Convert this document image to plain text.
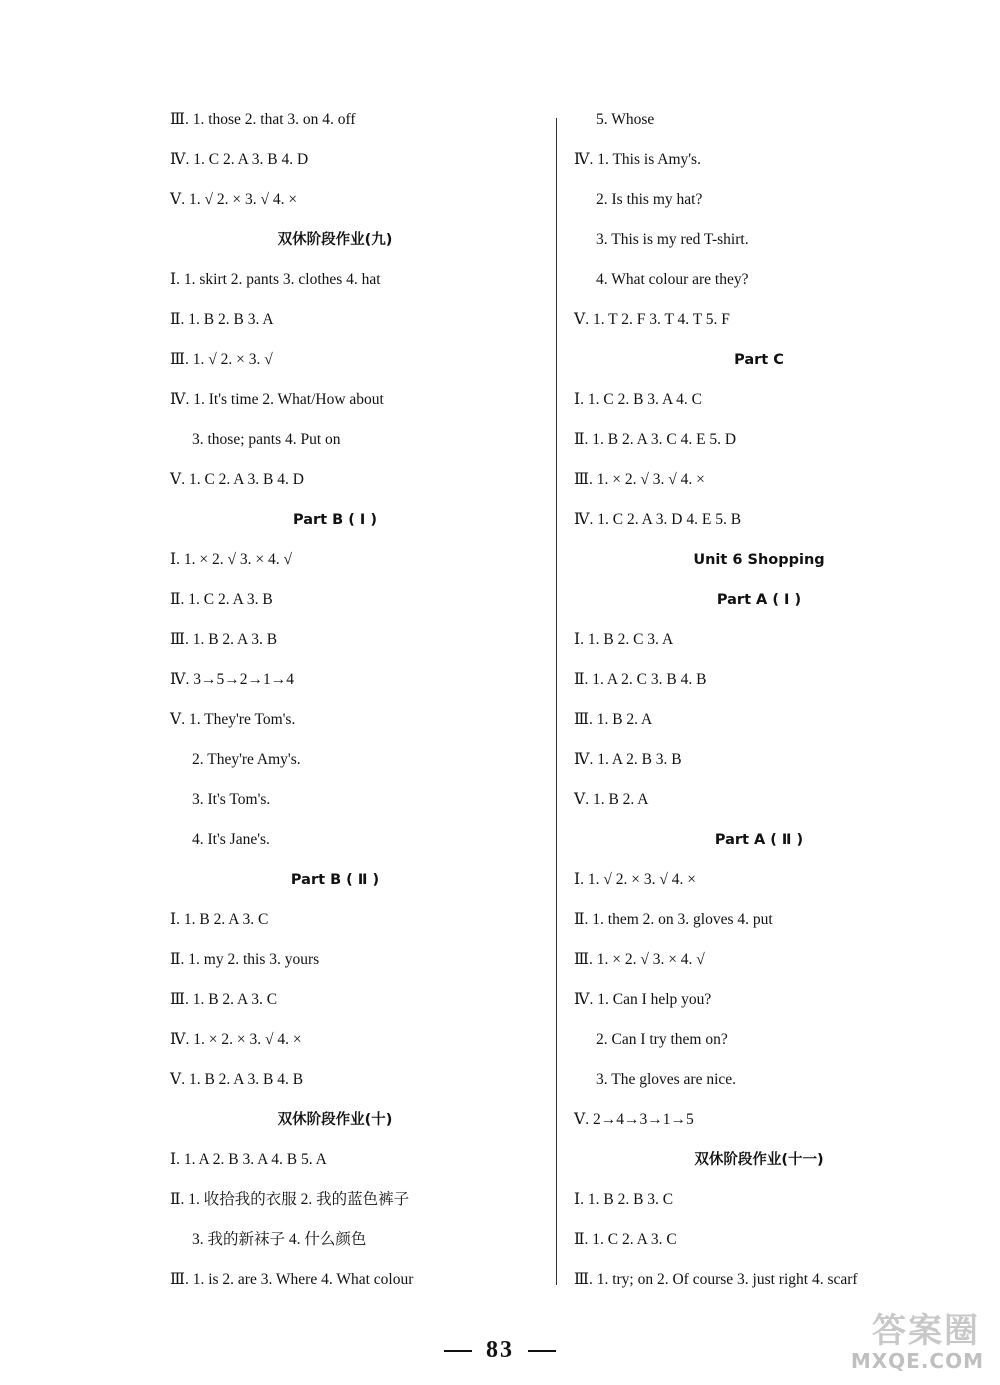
Ⅲ. 1. those 2. that 3. on 4. off
Ⅳ. 1. C 2. A 3. B 4. D
Ⅴ. 1. √ 2. × 3. √ 4. ×
双休阶段作业(九)
Ⅰ. 1. skirt 2. pants 3. clothes 4. hat
Ⅱ. 1. B 2. B 3. A
Ⅲ. 1. √ 2. × 3. √
Ⅳ. 1. It's time 2. What/How about
3. those; pants 4. Put on
Ⅴ. 1. C 2. A 3. B 4. D
Part B ( Ⅰ )
Ⅰ. 1. × 2. √ 3. × 4. √
Ⅱ. 1. C 2. A 3. B
Ⅲ. 1. B 2. A 3. B
Ⅳ. 3→5→2→1→4
Ⅴ. 1. They're Tom's.
2. They're Amy's.
3. It's Tom's.
4. It's Jane's.
Part B ( Ⅱ )
Ⅰ. 1. B 2. A 3. C
Ⅱ. 1. my 2. this 3. yours
Ⅲ. 1. B 2. A 3. C
Ⅳ. 1. × 2. × 3. √ 4. ×
Ⅴ. 1. B 2. A 3. B 4. B
双休阶段作业(十)
Ⅰ. 1. A 2. B 3. A 4. B 5. A
Ⅱ. 1. 收拾我的衣服 2. 我的蓝色裤子
3. 我的新袜子 4. 什么颜色
Ⅲ. 1. is 2. are 3. Where 4. What colour
5. Whose
Ⅳ. 1. This is Amy's.
2. Is this my hat?
3. This is my red T-shirt.
4. What colour are they?
Ⅴ. 1. T 2. F 3. T 4. T 5. F
Part C
Ⅰ. 1. C 2. B 3. A 4. C
Ⅱ. 1. B 2. A 3. C 4. E 5. D
Ⅲ. 1. × 2. √ 3. √ 4. ×
Ⅳ. 1. C 2. A 3. D 4. E 5. B
Unit 6 Shopping
Part A ( Ⅰ )
Ⅰ. 1. B 2. C 3. A
Ⅱ. 1. A 2. C 3. B 4. B
Ⅲ. 1. B 2. A
Ⅳ. 1. A 2. B 3. B
Ⅴ. 1. B 2. A
Part A ( Ⅱ )
Ⅰ. 1. √ 2. × 3. √ 4. ×
Ⅱ. 1. them 2. on 3. gloves 4. put
Ⅲ. 1. × 2. √ 3. × 4. √
Ⅳ. 1. Can I help you?
2. Can I try them on?
3. The gloves are nice.
Ⅴ. 2→4→3→1→5
双休阶段作业(十一)
Ⅰ. 1. B 2. B 3. C
Ⅱ. 1. C 2. A 3. C
Ⅲ. 1. try; on 2. Of course 3. just right 4. scarf
83	答案圈
MXQE.COM
